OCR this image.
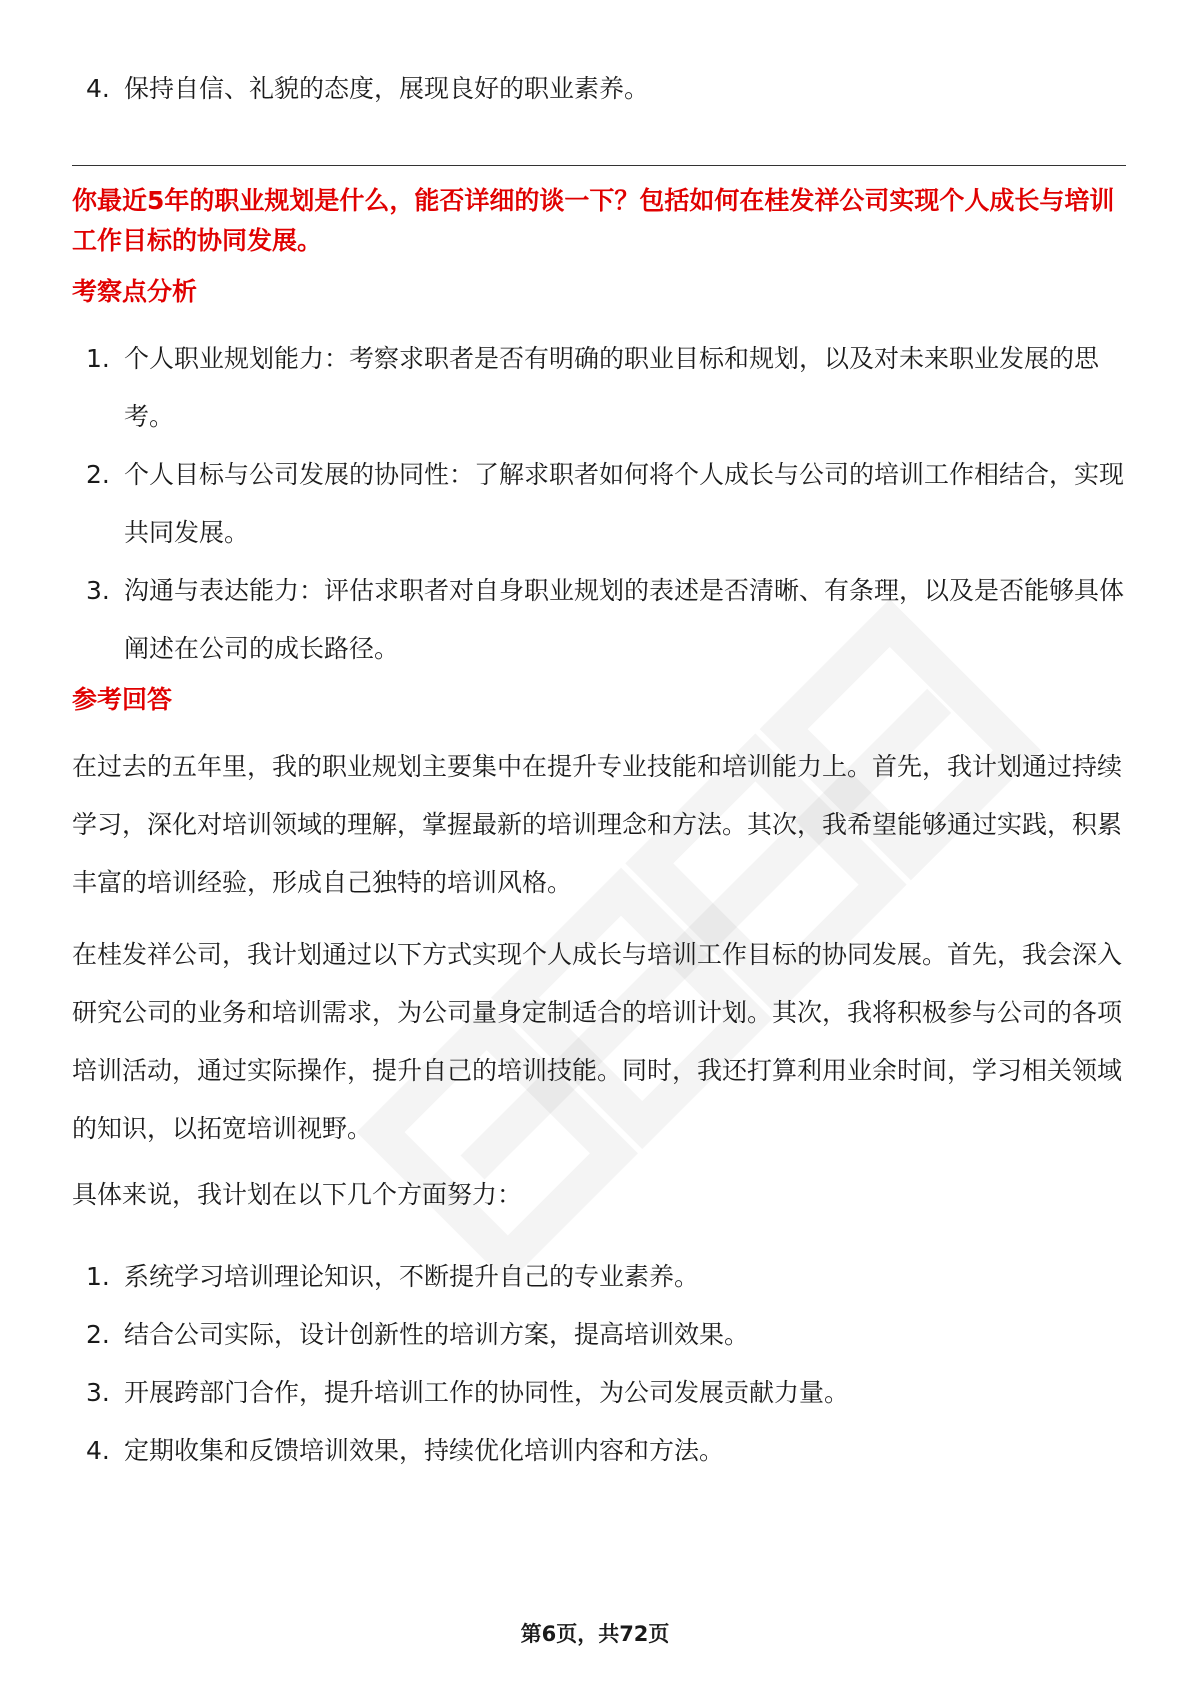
4. 保持自信、礼貌的态度，展现良好的职业素养。
你最近5年的职业规划是什么，能否详细的谈一下？包括如何在桂发祥公司实现个人成长与培训工作目标的协同发展。
考察点分析
1. 个人职业规划能力：考察求职者是否有明确的职业目标和规划，以及对未来职业发展的思考。
2. 个人目标与公司发展的协同性：了解求职者如何将个人成长与公司的培训工作相结合，实现共同发展。
3. 沟通与表达能力：评估求职者对自身职业规划的表述是否清晰、有条理，以及是否能够具体阐述在公司的成长路径。
参考回答

在过去的五年里，我的职业规划主要集中在提升专业技能和培训能力上。首先，我计划通过持续学习，深化对培训领域的理解，掌握最新的培训理念和方法。其次，我希望能够通过实践，积累丰富的培训经验，形成自己独特的培训风格。

在桂发祥公司，我计划通过以下方式实现个人成长与培训工作目标的协同发展。首先，我会深入研究公司的业务和培训需求，为公司量身定制适合的培训计划。其次，我将积极参与公司的各项培训活动，通过实际操作，提升自己的培训技能。同时，我还打算利用业余时间，学习相关领域的知识，以拓宽培训视野。

具体来说，我计划在以下几个方面努力：

1. 系统学习培训理论知识，不断提升自己的专业素养。
2. 结合公司实际，设计创新性的培训方案，提高培训效果。
3. 开展跨部门合作，提升培训工作的协同性，为公司发展贡献力量。
4. 定期收集和反馈培训效果，持续优化培训内容和方法。
第6页，共72页
